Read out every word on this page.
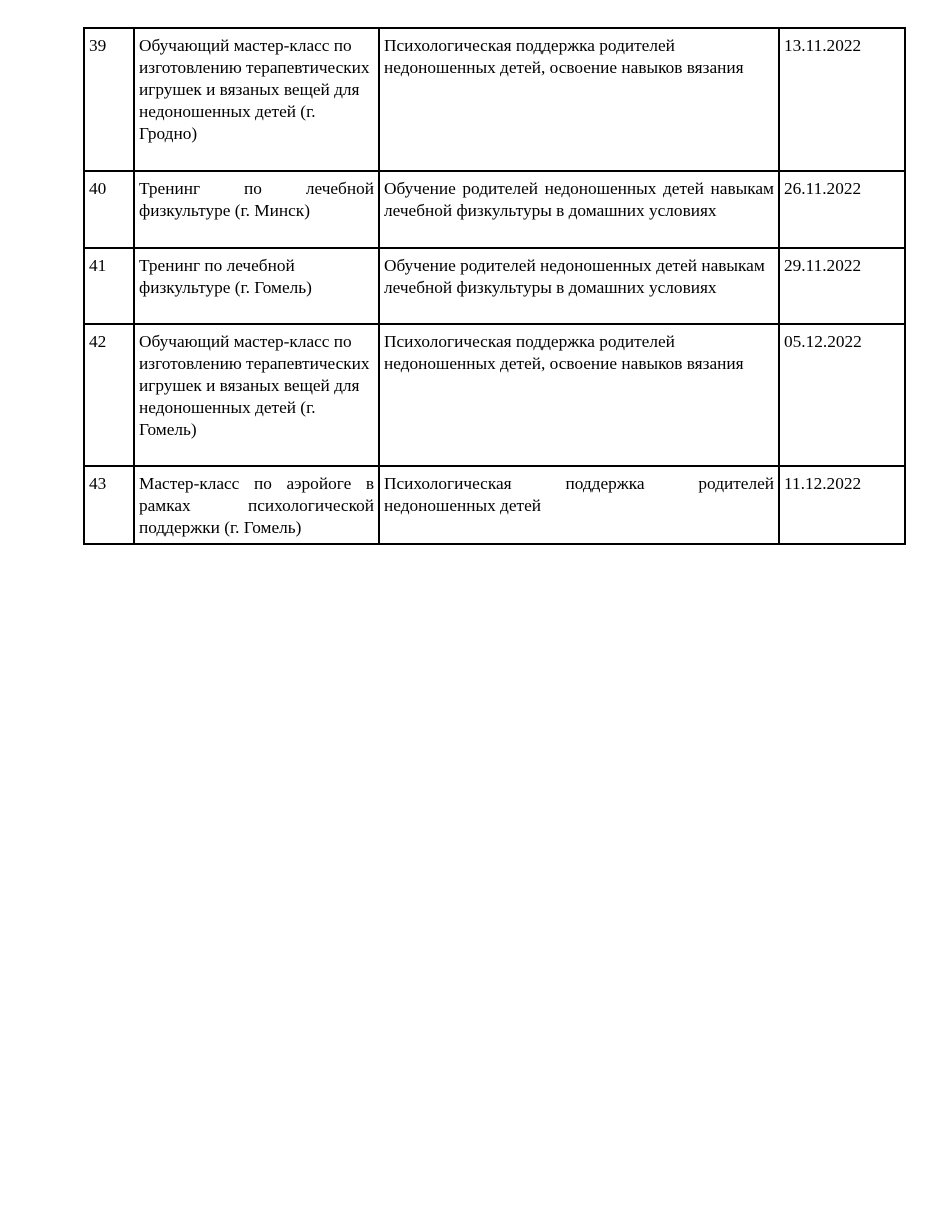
39	Обучающий мастер-класс по изготовлению терапевтических игрушек и вязаных вещей для недоношенных детей (г. Гродно)	Психологическая поддержка родителей недоношенных детей, освоение навыков вязания	13.11.2022
40	Тренинг по лечебной физкультуре (г. Минск)	Обучение родителей недоношенных детей навыкам лечебной физкультуры в домашних условиях	26.11.2022
41	Тренинг по лечебной физкультуре (г. Гомель)	Обучение родителей недоношенных детей навыкам лечебной физкультуры в домашних условиях	29.11.2022
42	Обучающий мастер-класс по изготовлению терапевтических игрушек и вязаных вещей для недоношенных детей (г. Гомель)	Психологическая поддержка родителей недоношенных детей, освоение навыков вязания	05.12.2022
43	Мастер-класс по аэройоге в рамках психологической поддержки (г. Гомель)	Психологическая поддержка родителей недоношенных детей	11.12.2022
